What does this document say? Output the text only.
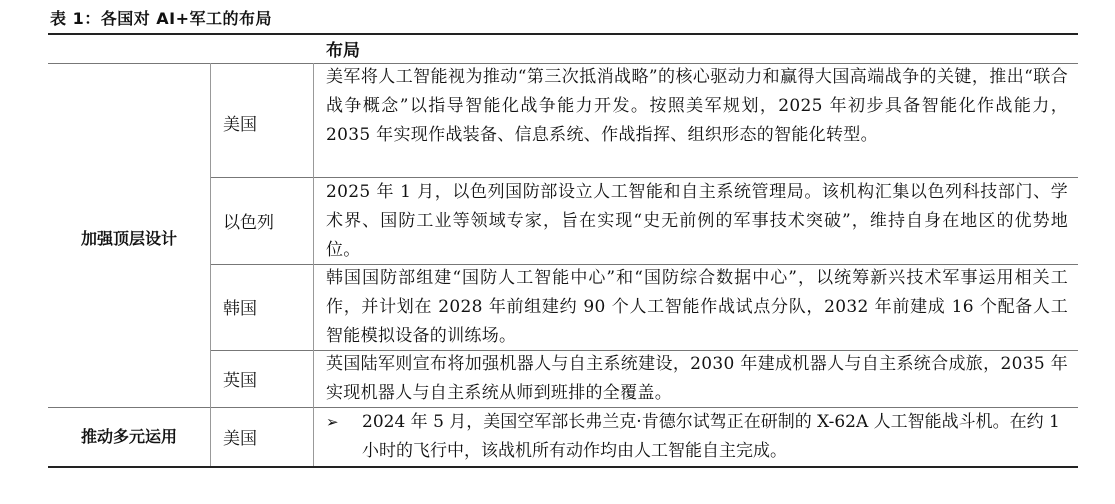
表 1：各国对 AI+军工的布局
布局
加强顶层设计
美国
美军将人工智能视为推动“第三次抵消战略”的核心驱动力和赢得大国高端战争的关键，推出“联合战争概念”以指导智能化战争能力开发。按照美军规划，2025 年初步具备智能化作战能力，2035 年实现作战装备、信息系统、作战指挥、组织形态的智能化转型。
以色列
2025 年 1 月，以色列国防部设立人工智能和自主系统管理局。该机构汇集以色列科技部门、学术界、国防工业等领域专家，旨在实现“史无前例的军事技术突破”，维持自身在地区的优势地位。
韩国
韩国国防部组建“国防人工智能中心”和“国防综合数据中心”，以统筹新兴技术军事运用相关工作，并计划在 2028 年前组建约 90 个人工智能作战试点分队，2032 年前建成 16 个配备人工智能模拟设备的训练场。
英国
英国陆军则宣布将加强机器人与自主系统建设，2030 年建成机器人与自主系统合成旅，2035 年实现机器人与自主系统从师到班排的全覆盖。
推动多元运用	美国
➢ 2024 年 5 月，美国空军部长弗兰克·肯德尔试驾正在研制的 X-62A 人工智能战斗机。在约 1 小时的飞行中，该战机所有动作均由人工智能自主完成。
